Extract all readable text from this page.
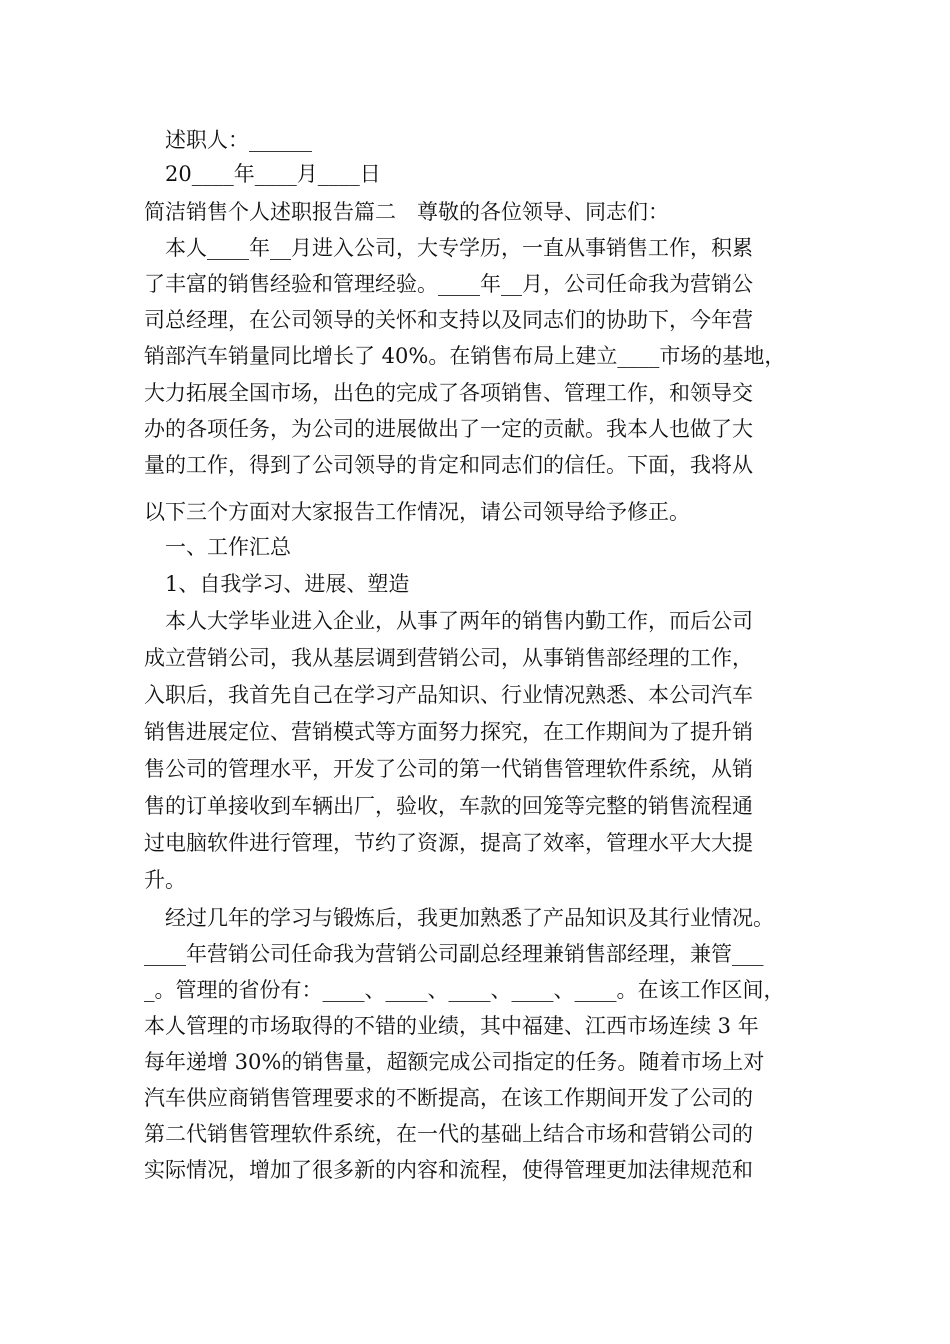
述职人：______
20____年____月____日
简洁销售个人述职报告篇二　尊敬的各位领导、同志们：
本人____年__月进入公司，大专学历，一直从事销售工作，积累
了丰富的销售经验和管理经验。____年__月，公司任命我为营销公
司总经理，在公司领导的关怀和支持以及同志们的协助下，今年营
销部汽车销量同比增长了 40%。在销售布局上建立____市场的基地，
大力拓展全国市场，出色的完成了各项销售、管理工作，和领导交
办的各项任务，为公司的进展做出了一定的贡献。我本人也做了大
量的工作，得到了公司领导的肯定和同志们的信任。下面，我将从
以下三个方面对大家报告工作情况，请公司领导给予修正。
一、工作汇总
1、自我学习、进展、塑造
本人大学毕业进入企业，从事了两年的销售内勤工作，而后公司
成立营销公司，我从基层调到营销公司，从事销售部经理的工作，
入职后，我首先自己在学习产品知识、行业情况熟悉、本公司汽车
销售进展定位、营销模式等方面努力探究，在工作期间为了提升销
售公司的管理水平，开发了公司的第一代销售管理软件系统，从销
售的订单接收到车辆出厂，验收，车款的回笼等完整的销售流程通
过电脑软件进行管理，节约了资源，提高了效率，管理水平大大提
升。
经过几年的学习与锻炼后，我更加熟悉了产品知识及其行业情况。
____年营销公司任命我为营销公司副总经理兼销售部经理，兼管___
_。管理的省份有：____、____、____、____、____。在该工作区间，
本人管理的市场取得的不错的业绩，其中福建、江西市场连续 3 年
每年递增 30%的销售量，超额完成公司指定的任务。随着市场上对
汽车供应商销售管理要求的不断提高，在该工作期间开发了公司的
第二代销售管理软件系统，在一代的基础上结合市场和营销公司的
实际情况，增加了很多新的内容和流程，使得管理更加法律规范和
